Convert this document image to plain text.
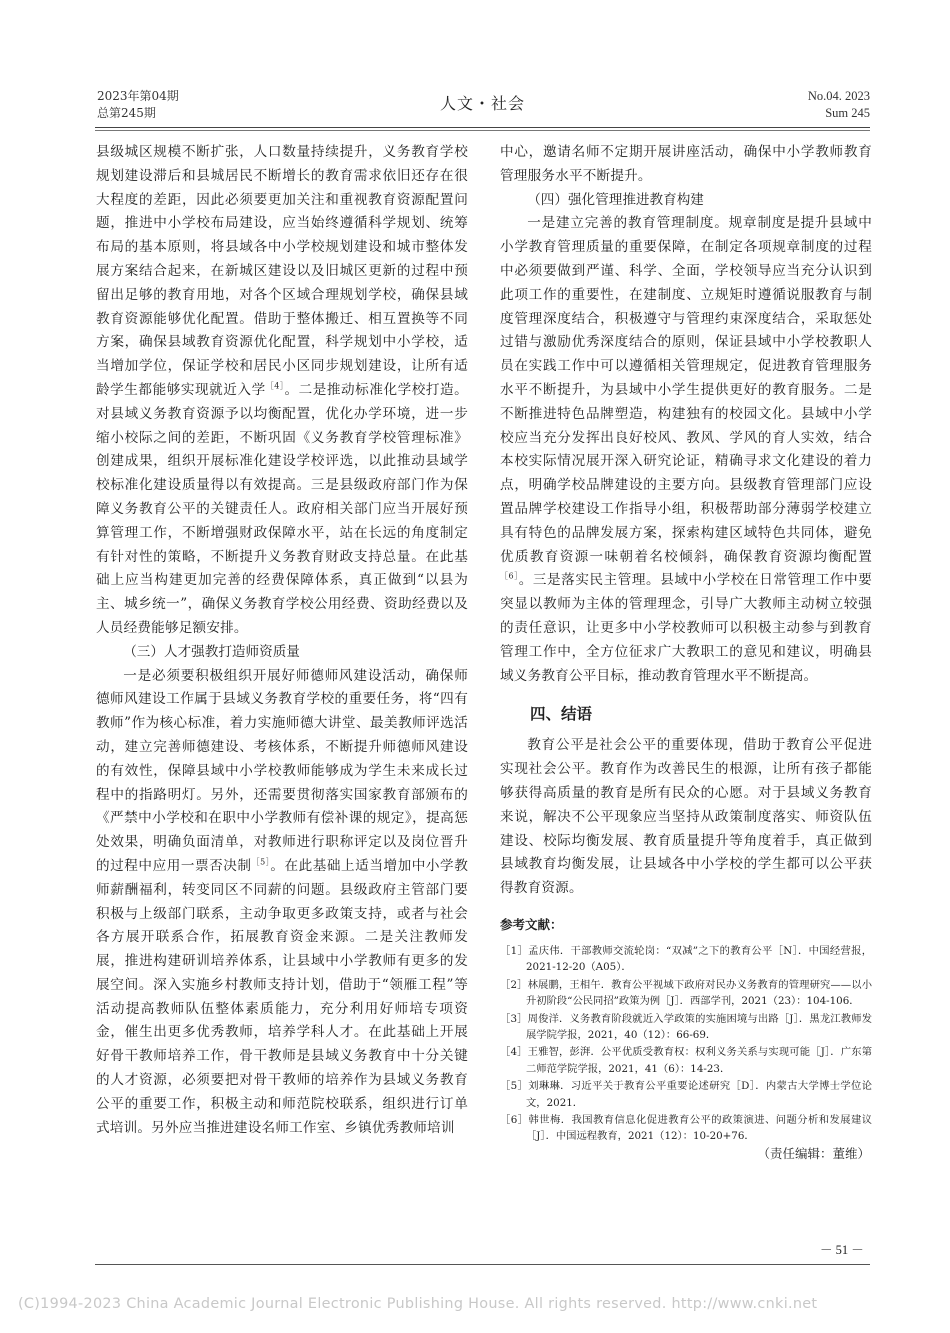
2023年第04期
总第245期	人文・社会	No.04. 2023
Sum 245

县级城区规模不断扩张，人口数量持续提升，义务教育学校规划建设滞后和县城居民不断增长的教育需求依旧还存在很大程度的差距，因此必须要更加关注和重视教育资源配置问题，推进中小学校布局建设，应当始终遵循科学规划、统筹布局的基本原则，将县域各中小学校规划建设和城市整体发展方案结合起来，在新城区建设以及旧城区更新的过程中预留出足够的教育用地，对各个区域合理规划学校，确保县域教育资源能够优化配置。借助于整体搬迁、相互置换等不同方案，确保县域教育资源优化配置，科学规划中小学校，适当增加学位，保证学校和居民小区同步规划建设，让所有适龄学生都能够实现就近入学$^{[4]}$。二是推动标准化学校打造。对县域义务教育资源予以均衡配置，优化办学环境，进一步缩小校际之间的差距，不断巩固《义务教育学校管理标准》创建成果，组织开展标准化建设学校评选，以此推动县域学校标准化建设质量得以有效提高。三是县级政府部门作为保障义务教育公平的关键责任人。政府相关部门应当开展好预算管理工作，不断增强财政保障水平，站在长远的角度制定有针对性的策略，不断提升义务教育财政支持总量。在此基础上应当构建更加完善的经费保障体系，真正做到“以县为主、城乡统一”，确保义务教育学校公用经费、资助经费以及人员经费能够足额安排。

（三）人才强教打造师资质量

一是必须要积极组织开展好师德师风建设活动，确保师德师风建设工作属于县域义务教育学校的重要任务，将“四有教师”作为核心标准，着力实施师德大讲堂、最美教师评选活动，建立完善师德建设、考核体系，不断提升师德师风建设的有效性，保障县域中小学校教师能够成为学生未来成长过程中的指路明灯。另外，还需要贯彻落实国家教育部颁布的《严禁中小学校和在职中小学教师有偿补课的规定》，提高惩处效果，明确负面清单，对教师进行职称评定以及岗位晋升的过程中应用一票否决制$^{[5]}$。在此基础上适当增加中小学教师薪酬福利，转变同区不同薪的问题。县级政府主管部门要积极与上级部门联系，主动争取更多政策支持，或者与社会各方展开联系合作，拓展教育资金来源。二是关注教师发展，推进构建研训培养体系，让县域中小学教师有更多的发展空间。深入实施乡村教师支持计划，借助于“领雁工程”等活动提高教师队伍整体素质能力，充分利用好师培专项资金，催生出更多优秀教师，培养学科人才。在此基础上开展好骨干教师培养工作，骨干教师是县域义务教育中十分关键的人才资源，必须要把对骨干教师的培养作为县域义务教育公平的重要工作，积极主动和师范院校联系，组织进行订单式培训。另外应当推进建设名师工作室、乡镇优秀教师培训

中心，邀请名师不定期开展讲座活动，确保中小学教师教育管理服务水平不断提升。

（四）强化管理推进教育构建

一是建立完善的教育管理制度。规章制度是提升县域中小学教育管理质量的重要保障，在制定各项规章制度的过程中必须要做到严谨、科学、全面，学校领导应当充分认识到此项工作的重要性，在建制度、立规矩时遵循说服教育与制度管理深度结合，积极遵守与管理约束深度结合，采取惩处过错与激励优秀深度结合的原则，保证县域中小学校教职人员在实践工作中可以遵循相关管理规定，促进教育管理服务水平不断提升，为县域中小学生提供更好的教育服务。二是不断推进特色品牌塑造，构建独有的校园文化。县域中小学校应当充分发挥出良好校风、教风、学风的育人实效，结合本校实际情况展开深入研究论证，精确寻求文化建设的着力点，明确学校品牌建设的主要方向。县级教育管理部门应设置品牌学校建设工作指导小组，积极帮助部分薄弱学校建立具有特色的品牌发展方案，探索构建区域特色共同体，避免优质教育资源一味朝着名校倾斜，确保教育资源均衡配置$^{[6]}$。三是落实民主管理。县域中小学校在日常管理工作中要突显以教师为主体的管理理念，引导广大教师主动树立较强的责任意识，让更多中小学校教师可以积极主动参与到教育管理工作中，全方位征求广大教职工的意见和建议，明确县域义务教育公平目标，推动教育管理水平不断提高。

四、结语

教育公平是社会公平的重要体现，借助于教育公平促进实现社会公平。教育作为改善民生的根源，让所有孩子都能够获得高质量的教育是所有民众的心愿。对于县域义务教育来说，解决不公平现象应当坚持从政策制度落实、师资队伍建设、校际均衡发展、教育质量提升等角度着手，真正做到县域教育均衡发展，让县域各中小学校的学生都可以公平获得教育资源。

参考文献：

［1］孟庆伟．干部教师交流轮岗：“双减”之下的教育公平［N］．中国经营报，2021-12-20（A05）．

［2］林展鹏，王相午．教育公平视域下政府对民办义务教育的管理研究——以小升初阶段“公民同招”政策为例［J］．西部学刊，2021（23）：104-106．

［3］周俊洋．义务教育阶段就近入学政策的实施困境与出路［J］．黑龙江教师发展学院学报，2021，40（12）：66-69．

［4］王雅智，彭湃．公平优质受教育权：权利义务关系与实现可能［J］．广东第二师范学院学报，2021，41（6）：14-23．

［5］刘琳琳．习近平关于教育公平重要论述研究［D］．内蒙古大学博士学位论文，2021．

［6］韩世梅．我国教育信息化促进教育公平的政策演进、问题分析和发展建议［J］．中国远程教育，2021（12）：10-20+76．

（责任编辑：董维）
－ 51 －
(C)1994-2023 China Academic Journal Electronic Publishing House. All rights reserved. http://www.cnki.net
